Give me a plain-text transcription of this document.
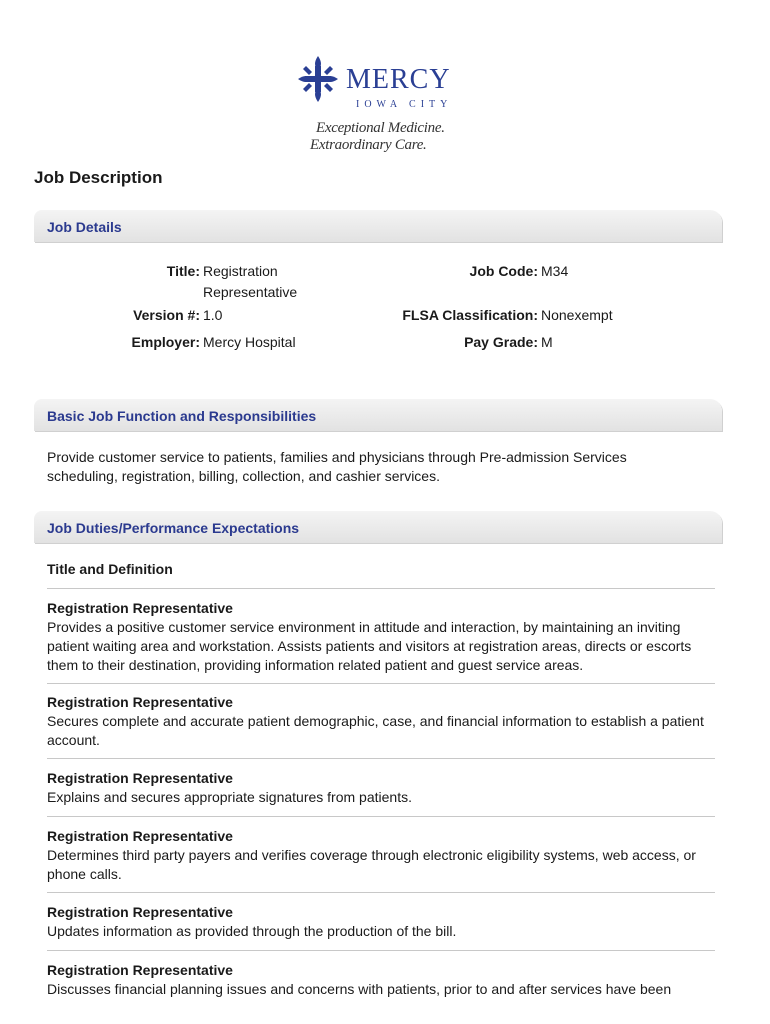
MERCY
IOWA CITY
Exceptional Medicine.
Extraordinary Care.
Job Description
Job Details
Title: Registration Representative
Version #: 1.0
Employer: Mercy Hospital
Job Code: M34
FLSA Classification: Nonexempt
Pay Grade: M
Basic Job Function and Responsibilities
Provide customer service to patients, families and physicians through Pre-admission Services scheduling, registration, billing, collection, and cashier services.
Job Duties/Performance Expectations
Title and Definition
Registration Representative
Provides a positive customer service environment in attitude and interaction, by maintaining an inviting patient waiting area and workstation. Assists patients and visitors at registration areas, directs or escorts them to their destination, providing information related patient and guest service areas.
Registration Representative
Secures complete and accurate patient demographic, case, and financial information to establish a patient account.
Registration Representative
Explains and secures appropriate signatures from patients.
Registration Representative
Determines third party payers and verifies coverage through electronic eligibility systems, web access, or phone calls.
Registration Representative
Updates information as provided through the production of the bill.
Registration Representative
Discusses financial planning issues and concerns with patients, prior to and after services have been
